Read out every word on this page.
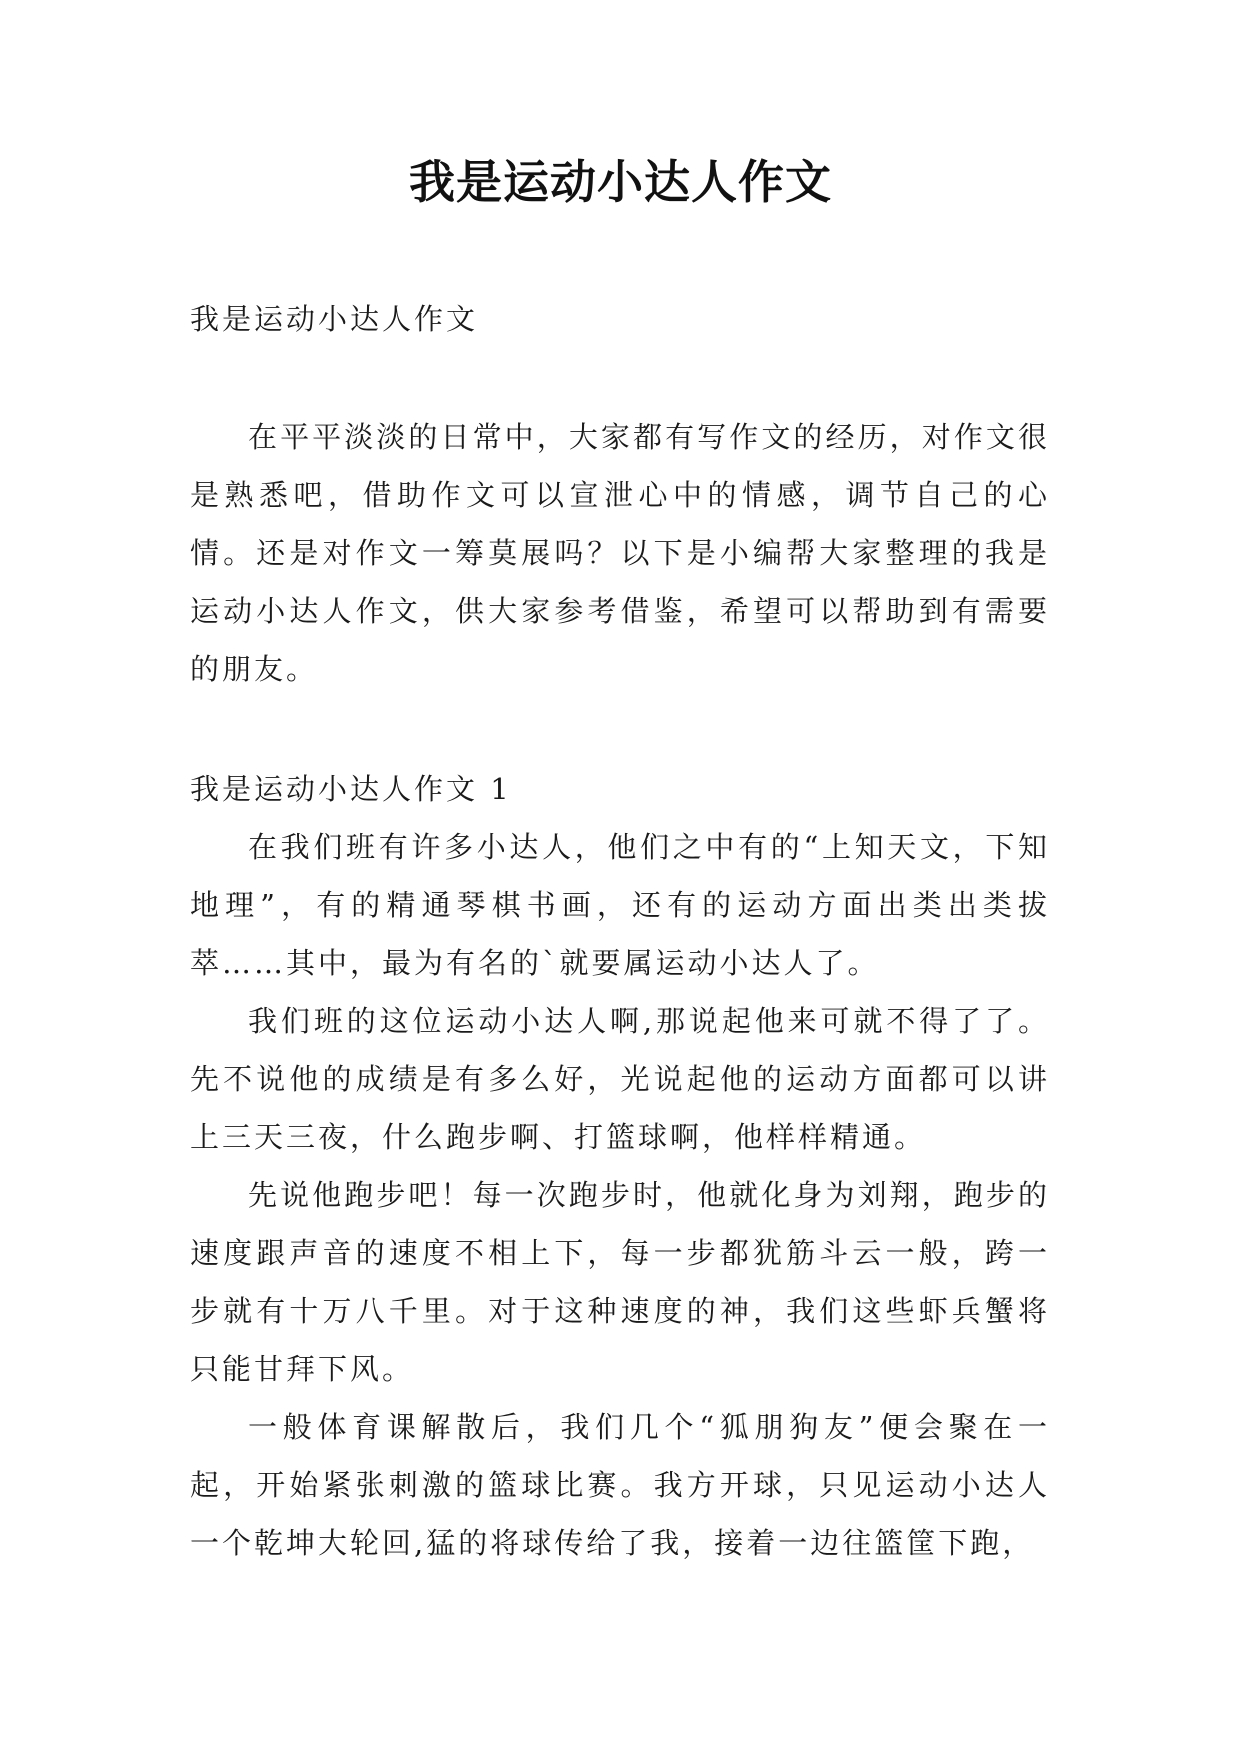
我是运动小达人作文
我是运动小达人作文

在平平淡淡的日常中，大家都有写作文的经历，对作文很是熟悉吧，借助作文可以宣泄心中的情感，调节自己的心情。还是对作文一筹莫展吗？以下是小编帮大家整理的我是运动小达人作文，供大家参考借鉴，希望可以帮助到有需要的朋友。

我是运动小达人作文 1

在我们班有许多小达人，他们之中有的“上知天文，下知地理”，有的精通琴棋书画，还有的运动方面出类出类拔萃……其中，最为有名的`就要属运动小达人了。

我们班的这位运动小达人啊,那说起他来可就不得了了。先不说他的成绩是有多么好，光说起他的运动方面都可以讲上三天三夜，什么跑步啊、打篮球啊，他样样精通。

先说他跑步吧！每一次跑步时，他就化身为刘翔，跑步的速度跟声音的速度不相上下，每一步都犹筋斗云一般，跨一步就有十万八千里。对于这种速度的神，我们这些虾兵蟹将只能甘拜下风。

一般体育课解散后，我们几个“狐朋狗友”便会聚在一起，开始紧张刺激的篮球比赛。我方开球，只见运动小达人一个乾坤大轮回,猛的将球传给了我，接着一边往篮筐下跑，
